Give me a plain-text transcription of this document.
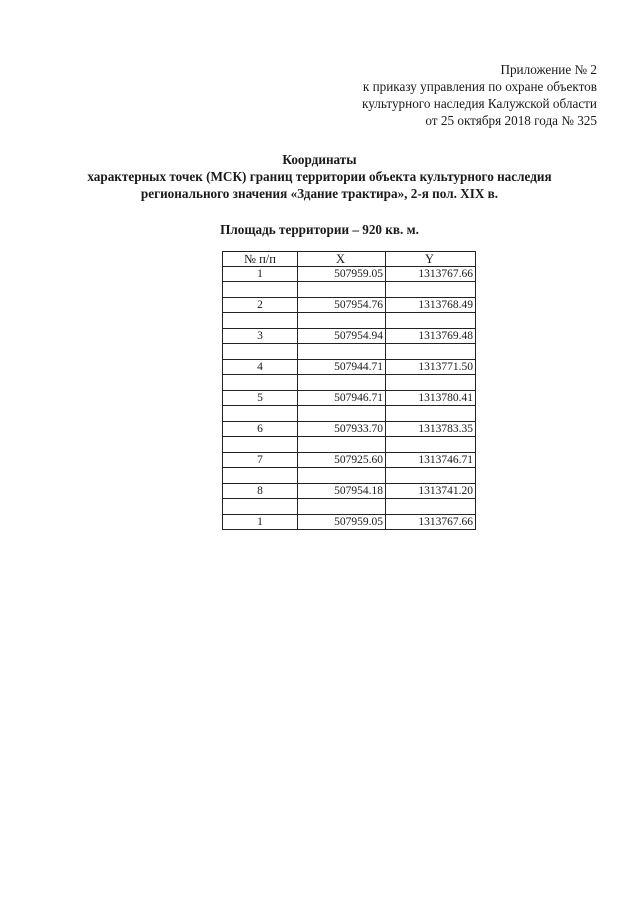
Приложение № 2
к приказу управления по охране объектов
культурного наследия Калужской области
от 25 октября 2018 года № 325
Координаты
характерных точек (МСК) границ территории объекта культурного наследия
регионального значения «Здание трактира», 2-я пол. XIX в.
Площадь территории – 920 кв. м.
№ п/п	X	Y
1	507959.05	1313767.66

2	507954.76	1313768.49

3	507954.94	1313769.48

4	507944.71	1313771.50

5	507946.71	1313780.41

6	507933.70	1313783.35

7	507925.60	1313746.71

8	507954.18	1313741.20

1	507959.05	1313767.66
